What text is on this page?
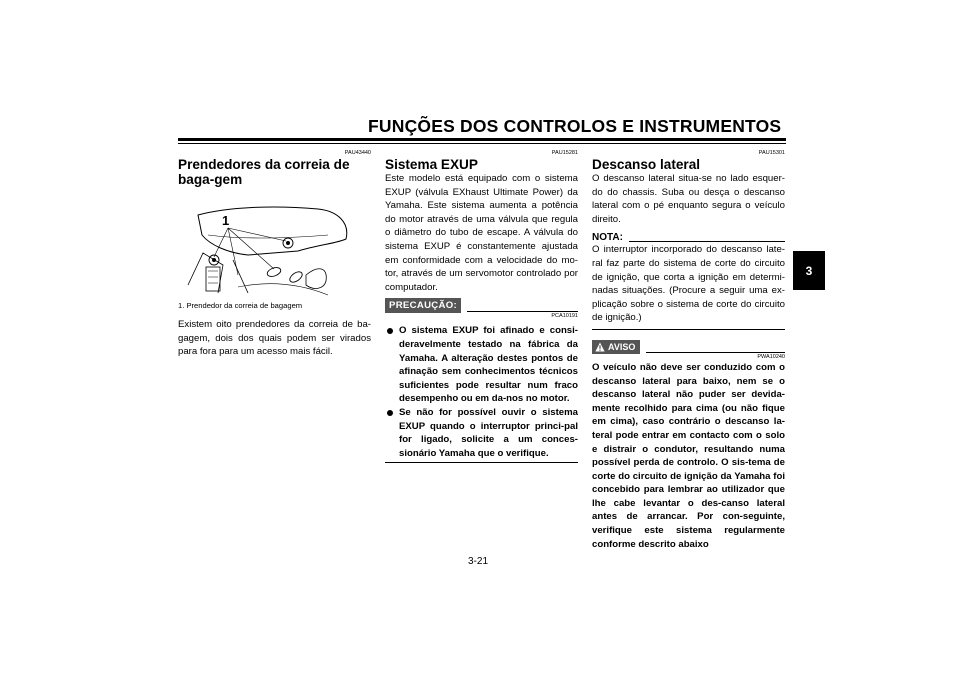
FUNÇÕES DOS CONTROLOS E INSTRUMENTOS
3

PAU43440

Prendedores da correia de baga-gem
1

1. Prendedor da correia de bagagem

Existem oito prendedores da correia de ba-gagem, dois dos quais podem ser virados para fora para um acesso mais fácil.

PAU15281

Sistema EXUP

Este modelo está equipado com o sistema EXUP (válvula EXhaust Ultimate Power) da Yamaha. Este sistema aumenta a potência do motor através de uma válvula que regula o diâmetro do tubo de escape. A válvula do sistema EXUP é constantemente ajustada em conformidade com a velocidade do mo-tor, através de um servomotor controlado por computador.

PRECAUÇÃO:

PCA10191

O sistema EXUP foi afinado e consi-deravelmente testado na fábrica da Yamaha. A alteração destes pontos de afinação sem conhecimentos técnicos suficientes pode resultar num fraco desempenho ou em da-nos no motor.
Se não for possível ouvir o sistema EXUP quando o interruptor princi-pal for ligado, solicite a um conces-sionário Yamaha que o verifique.

PAU15301

Descanso lateral

O descanso lateral situa-se no lado esquer-do do chassis. Suba ou desça o descanso lateral com o pé enquanto segura o veículo direito.

NOTA:

O interruptor incorporado do descanso late-ral faz parte do sistema de corte do circuito de ignição, que corta a ignição em determi-nadas situações. (Procure a seguir uma ex-plicação sobre o sistema de corte do circuito de ignição.)

AVISO

PWA10240

O veículo não deve ser conduzido com o descanso lateral para baixo, nem se o descanso lateral não puder ser devida-mente recolhido para cima (ou não fique em cima), caso contrário o descanso la-teral pode entrar em contacto com o solo e distrair o condutor, resultando numa possível perda de controlo. O sis-tema de corte do circuito de ignição da Yamaha foi concebido para lembrar ao utilizador que lhe cabe levantar o des-canso lateral antes de arrancar. Por con-seguinte, verifique este sistema regularmente conforme descrito abaixo

3-21
